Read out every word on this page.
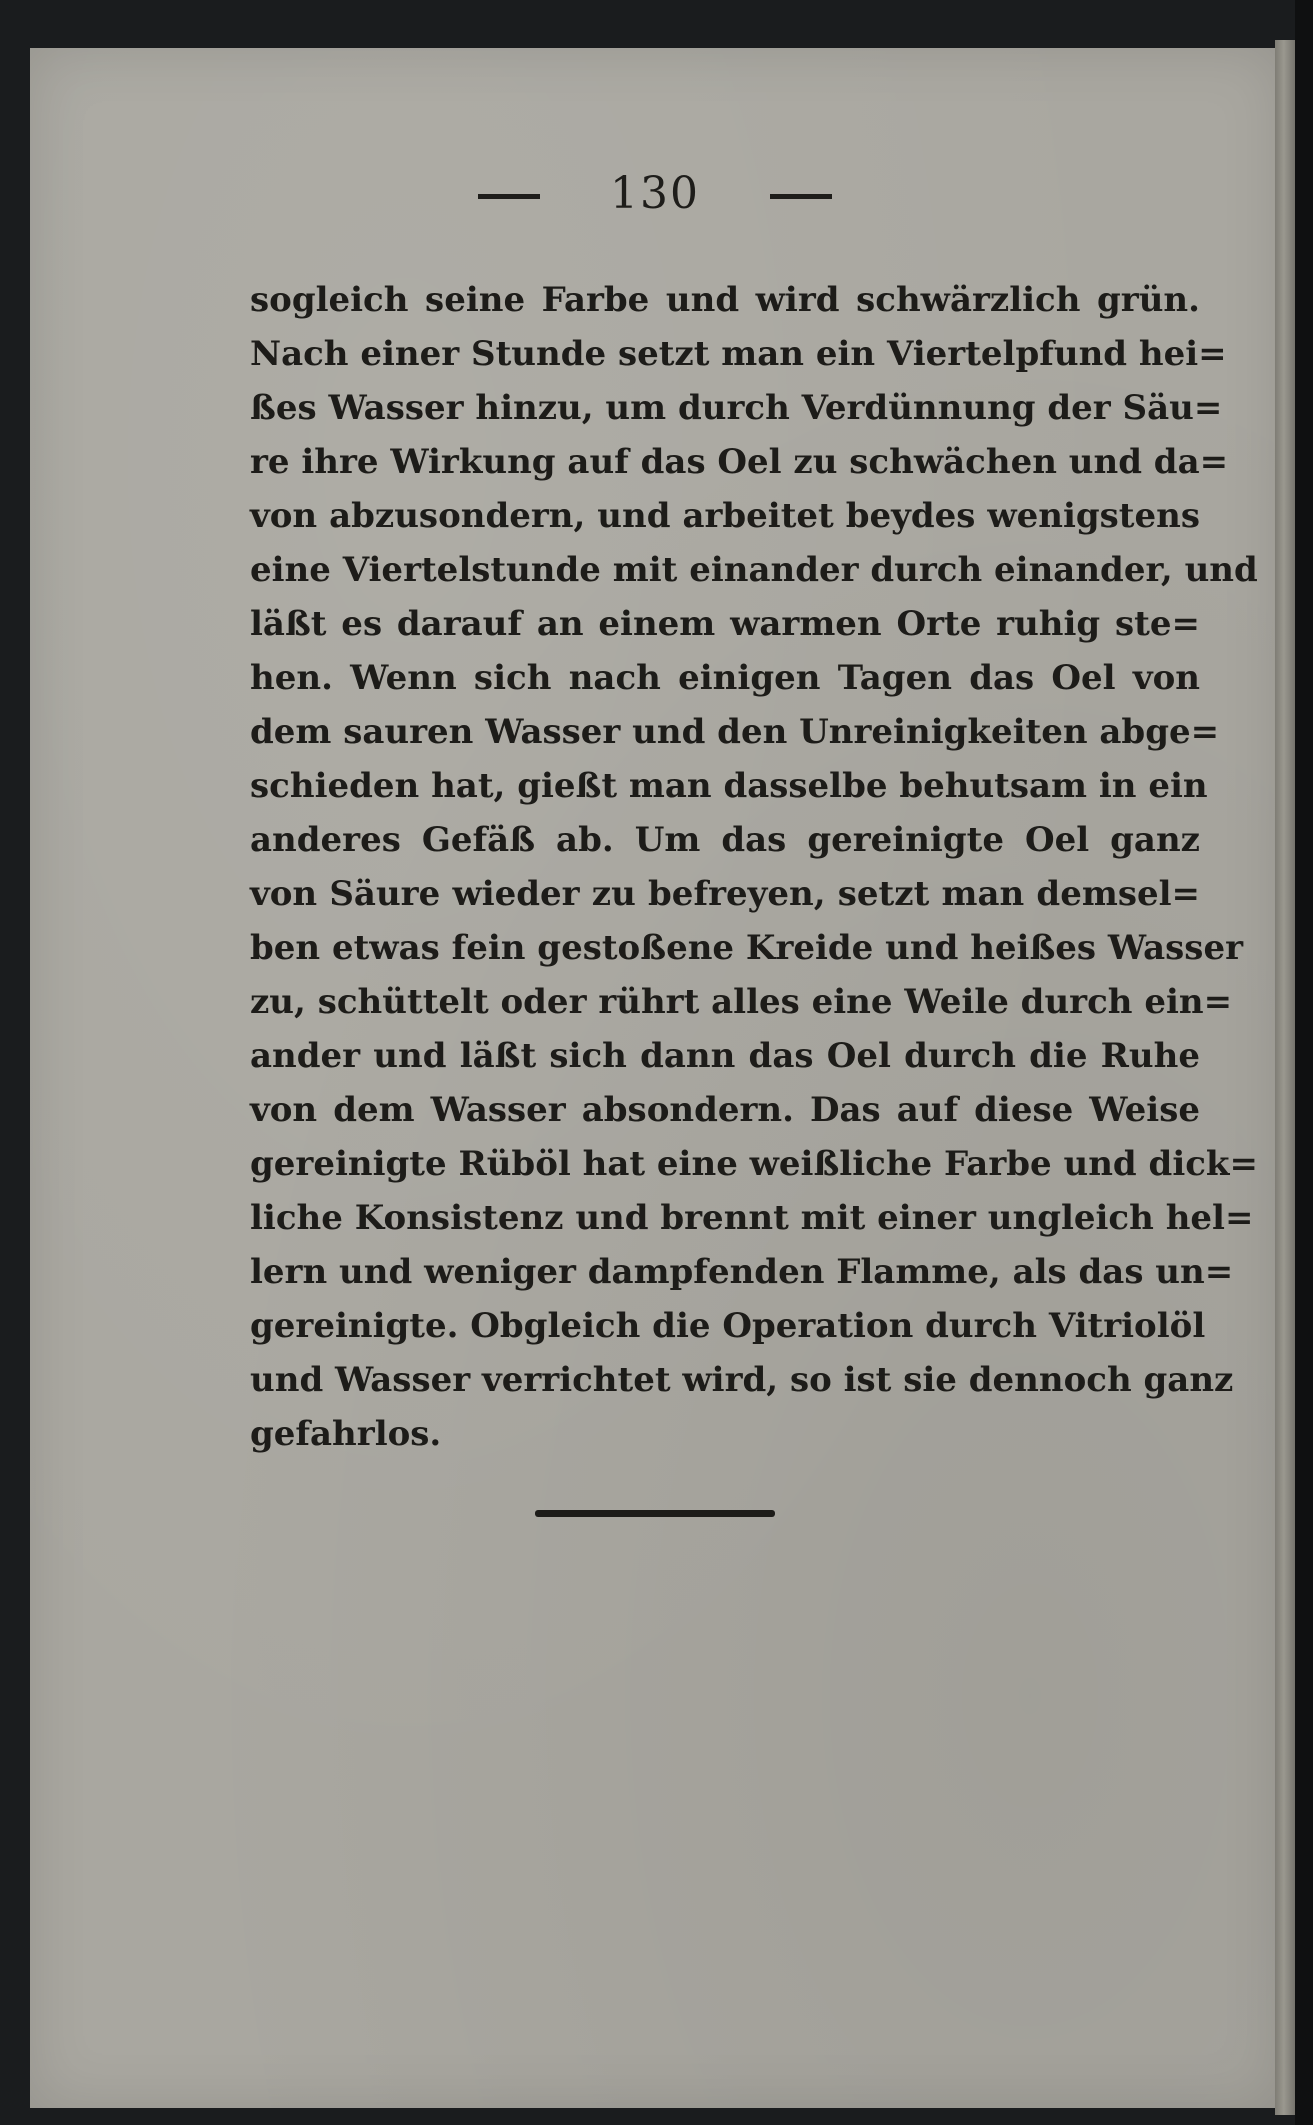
130
sogleich seine Farbe und wird schwärzlich grün.
Nach einer Stunde setzt man ein Viertelpfund hei=
ßes Wasser hinzu, um durch Verdünnung der Säu=
re ihre Wirkung auf das Oel zu schwächen und da=
von abzusondern, und arbeitet beydes wenigstens
eine Viertelstunde mit einander durch einander, und
läßt es darauf an einem warmen Orte ruhig ste=
hen. Wenn sich nach einigen Tagen das Oel von
dem sauren Wasser und den Unreinigkeiten abge=
schieden hat, gießt man dasselbe behutsam in ein
anderes Gefäß ab. Um das gereinigte Oel ganz
von Säure wieder zu befreyen, setzt man demsel=
ben etwas fein gestoßene Kreide und heißes Wasser
zu, schüttelt oder rührt alles eine Weile durch ein=
ander und läßt sich dann das Oel durch die Ruhe
von dem Wasser absondern. Das auf diese Weise
gereinigte Rüböl hat eine weißliche Farbe und dick=
liche Konsistenz und brennt mit einer ungleich hel=
lern und weniger dampfenden Flamme, als das un=
gereinigte. Obgleich die Operation durch Vitriolöl
und Wasser verrichtet wird, so ist sie dennoch ganz
gefahrlos.
